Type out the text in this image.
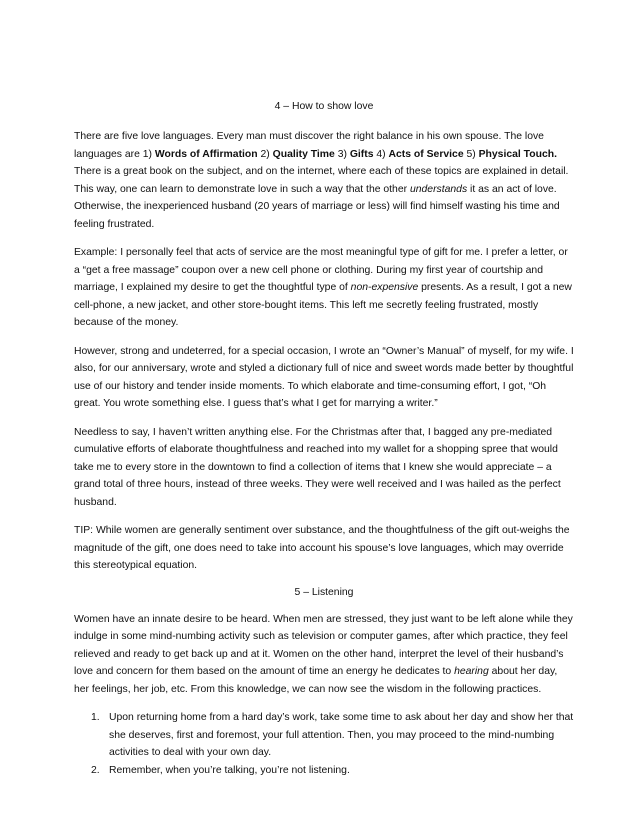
4 – How to show love

There are five love languages. Every man must discover the right balance in his own spouse. The love languages are 1) Words of Affirmation 2) Quality Time 3) Gifts 4) Acts of Service 5) Physical Touch. There is a great book on the subject, and on the internet, where each of these topics are explained in detail. This way, one can learn to demonstrate love in such a way that the other understands it as an act of love. Otherwise, the inexperienced husband (20 years of marriage or less) will find himself wasting his time and feeling frustrated.

Example: I personally feel that acts of service are the most meaningful type of gift for me. I prefer a letter, or a “get a free massage” coupon over a new cell phone or clothing. During my first year of courtship and marriage, I explained my desire to get the thoughtful type of non-expensive presents. As a result, I got a new cell-phone, a new jacket, and other store-bought items. This left me secretly feeling frustrated, mostly because of the money.

However, strong and undeterred, for a special occasion, I wrote an “Owner’s Manual” of myself, for my wife. I also, for our anniversary, wrote and styled a dictionary full of nice and sweet words made better by thoughtful use of our history and tender inside moments. To which elaborate and time-consuming effort, I got, “Oh great. You wrote something else. I guess that’s what I get for marrying a writer.”

Needless to say, I haven’t written anything else. For the Christmas after that, I bagged any pre-mediated cumulative efforts of elaborate thoughtfulness and reached into my wallet for a shopping spree that would take me to every store in the downtown to find a collection of items that I knew she would appreciate – a grand total of three hours, instead of three weeks. They were well received and I was hailed as the perfect husband.

TIP: While women are generally sentiment over substance, and the thoughtfulness of the gift out-weighs the magnitude of the gift, one does need to take into account his spouse’s love languages, which may override this stereotypical equation.

5 – Listening

Women have an innate desire to be heard. When men are stressed, they just want to be left alone while they indulge in some mind-numbing activity such as television or computer games, after which practice, they feel relieved and ready to get back up and at it. Women on the other hand, interpret the level of their husband’s love and concern for them based on the amount of time an energy he dedicates to hearing about her day, her feelings, her job, etc. From this knowledge, we can now see the wisdom in the following practices.

1. Upon returning home from a hard day’s work, take some time to ask about her day and show her that she deserves, first and foremost, your full attention. Then, you may proceed to the mind-numbing activities to deal with your own day.
2. Remember, when you’re talking, you’re not listening.
